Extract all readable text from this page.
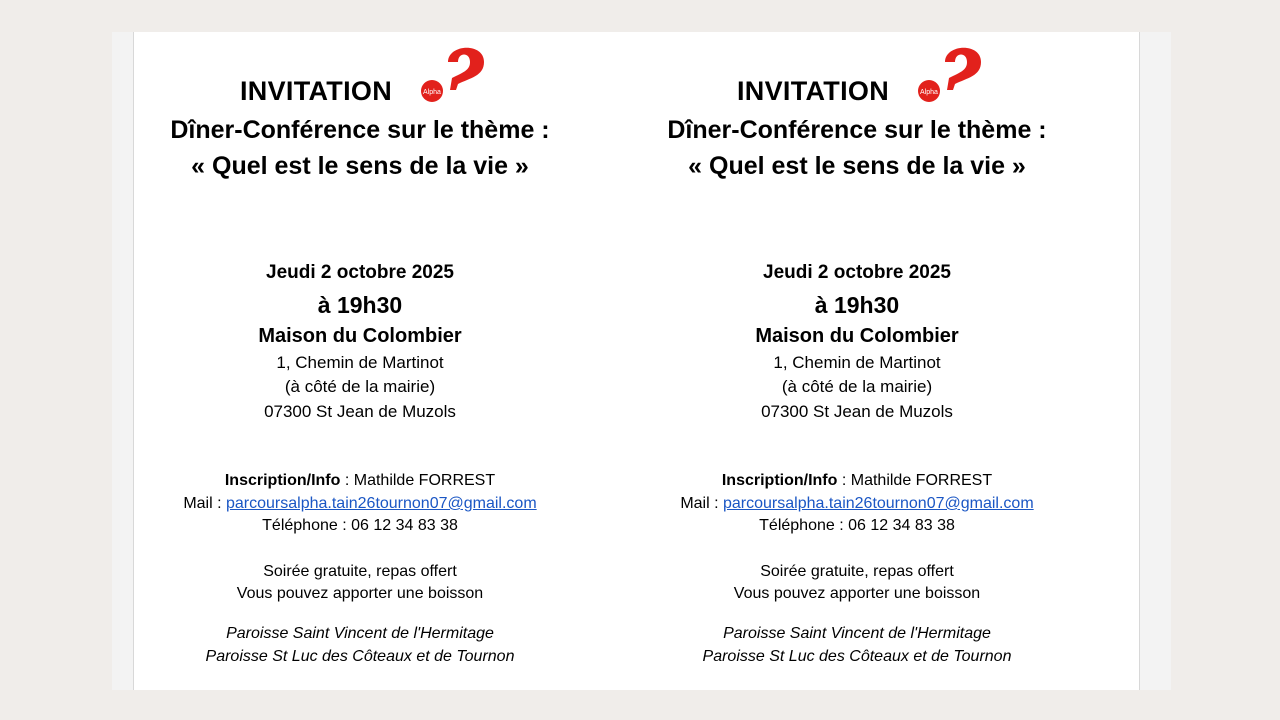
INVITATION	Alpha
Dîner-Conférence sur le thème :
« Quel est le sens de la vie »
Jeudi 2 octobre 2025
à 19h30
Maison du Colombier
1, Chemin de Martinot
(à côté de la mairie)
07300 St Jean de Muzols
Inscription/Info : Mathilde FORREST
Mail : parcoursalpha.tain26tournon07@gmail.com
Téléphone : 06 12 34 83 38
Soirée gratuite, repas offert
Vous pouvez apporter une boisson
Paroisse Saint Vincent de l'Hermitage
Paroisse St Luc des Côteaux et de Tournon
INVITATION	Alpha
Dîner-Conférence sur le thème :
« Quel est le sens de la vie »
Jeudi 2 octobre 2025
à 19h30
Maison du Colombier
1, Chemin de Martinot
(à côté de la mairie)
07300 St Jean de Muzols
Inscription/Info : Mathilde FORREST
Mail : parcoursalpha.tain26tournon07@gmail.com
Téléphone : 06 12 34 83 38
Soirée gratuite, repas offert
Vous pouvez apporter une boisson
Paroisse Saint Vincent de l'Hermitage
Paroisse St Luc des Côteaux et de Tournon
